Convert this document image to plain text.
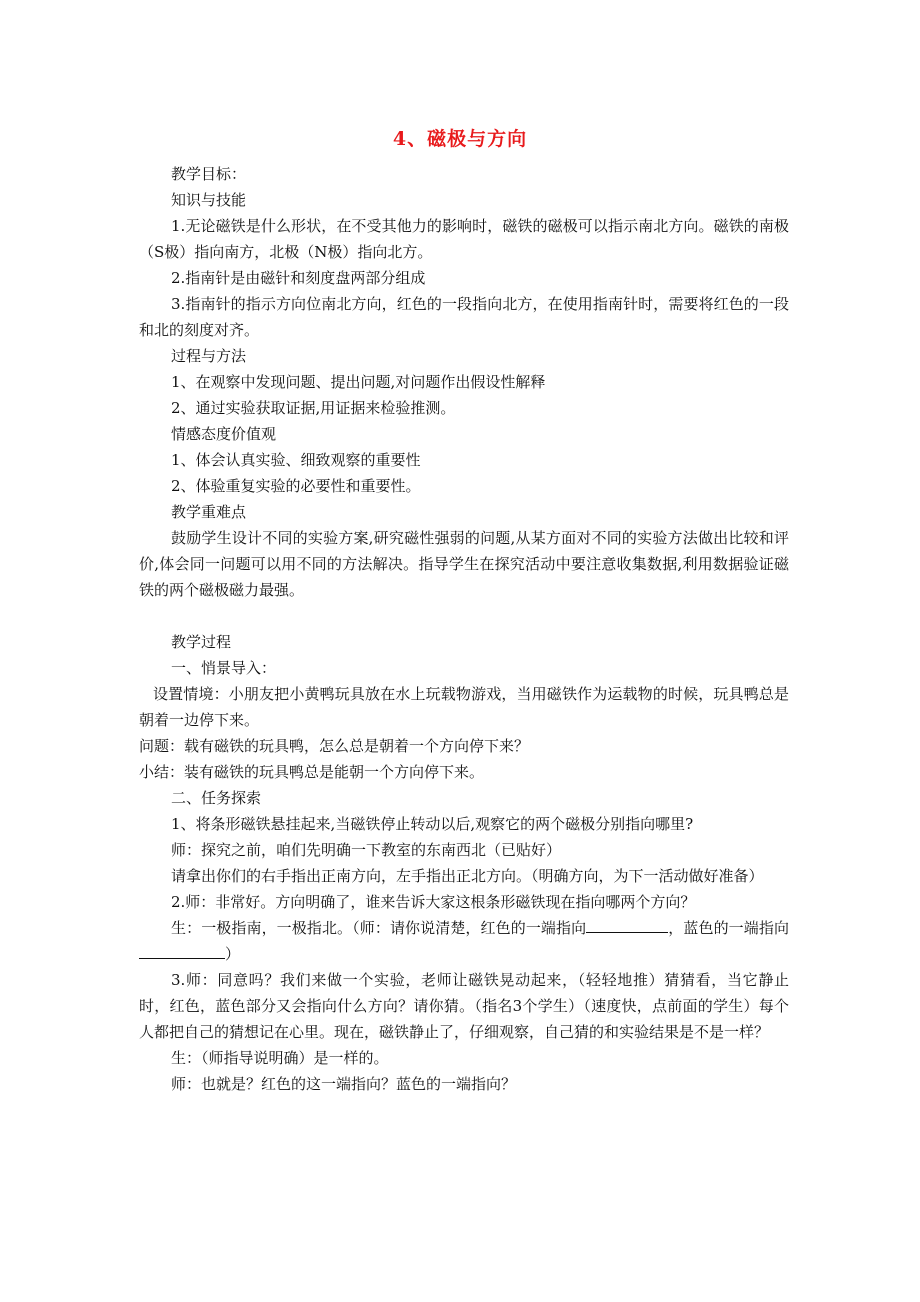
4、磁极与方向

教学目标：

知识与技能

1.无论磁铁是什么形状，在不受其他力的影响时，磁铁的磁极可以指示南北方向。磁铁的南极（S极）指向南方，北极（N极）指向北方。

2.指南针是由磁针和刻度盘两部分组成

3.指南针的指示方向位南北方向，红色的一段指向北方，在使用指南针时，需要将红色的一段和北的刻度对齐。

过程与方法

1、在观察中发现问题、提出问题,对问题作出假设性解释

2、通过实验获取证据,用证据来检验推测。

情感态度价值观

1、体会认真实验、细致观察的重要性

2、体验重复实验的必要性和重要性。

教学重难点

鼓励学生设计不同的实验方案,研究磁性强弱的问题,从某方面对不同的实验方法做出比较和评价,体会同一问题可以用不同的方法解决。指导学生在探究活动中要注意收集数据,利用数据验证磁铁的两个磁极磁力最强。

教学过程

一、悄景导入：

设置情境：小朋友把小黄鸭玩具放在水上玩载物游戏，当用磁铁作为运载物的时候，玩具鸭总是朝着一边停下来。

问题：载有磁铁的玩具鸭，怎么总是朝着一个方向停下来？

小结：装有磁铁的玩具鸭总是能朝一个方向停下来。

二、任务探索

1、将条形磁铁悬挂起来,当磁铁停止转动以后,观察它的两个磁极分别指向哪里?

师：探究之前，咱们先明确一下教室的东南西北（已贴好）

请拿出你们的右手指出正南方向，左手指出正北方向。（明确方向，为下一活动做好准备）

2.师：非常好。方向明确了，谁来告诉大家这根条形磁铁现在指向哪两个方向？

生：一极指南，一极指北。（师：请你说清楚，红色的一端指向	，蓝色的一端指向）

3.师：同意吗？我们来做一个实验，老师让磁铁晃动起来，（轻轻地推）猜猜看，当它静止时，红色，蓝色部分又会指向什么方向？请你猜。（指名3个学生）（速度快，点前面的学生）每个人都把自己的猜想记在心里。现在，磁铁静止了，仔细观察，自己猜的和实验结果是不是一样？

生：（师指导说明确）是一样的。

师：也就是？红色的这一端指向？蓝色的一端指向？
